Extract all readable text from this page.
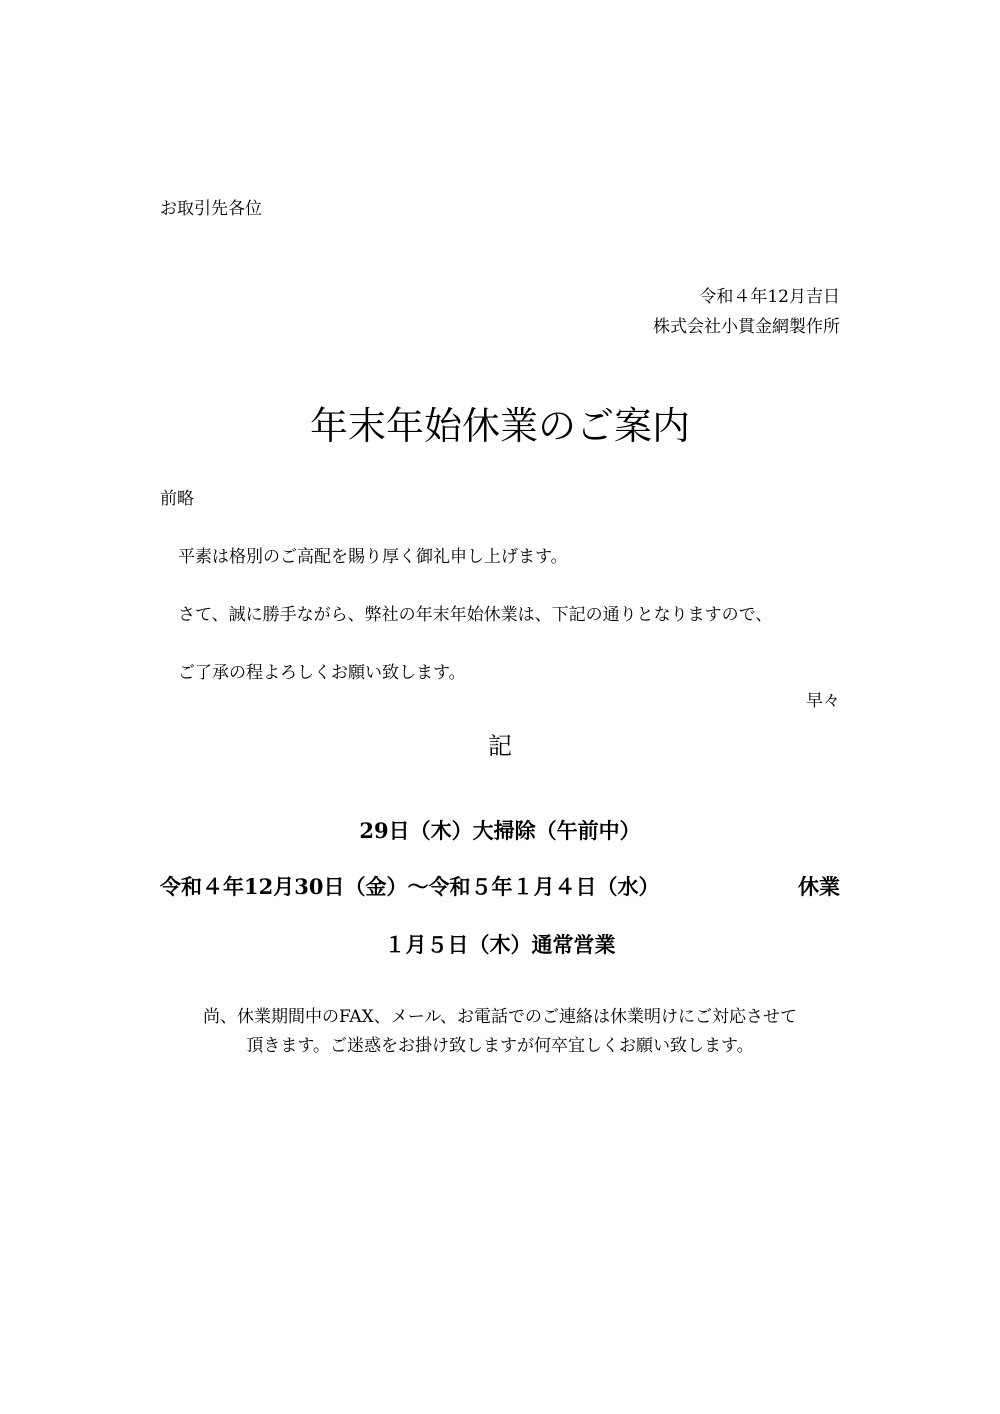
お取引先各位
令和４年12月吉日
株式会社小貫金網製作所
年末年始休業のご案内
前略
平素は格別のご高配を賜り厚く御礼申し上げます。
さて、誠に勝手ながら、弊社の年末年始休業は、下記の通りとなりますので、
ご了承の程よろしくお願い致します。
早々
記
29日（木）大掃除（午前中）
令和４年12月30日（金）～令和５年１月４日（水）	休業
１月５日（木）通常営業
尚、休業期間中のFAX、メール、お電話でのご連絡は休業明けにご対応させて
頂きます。ご迷惑をお掛け致しますが何卒宜しくお願い致します。
